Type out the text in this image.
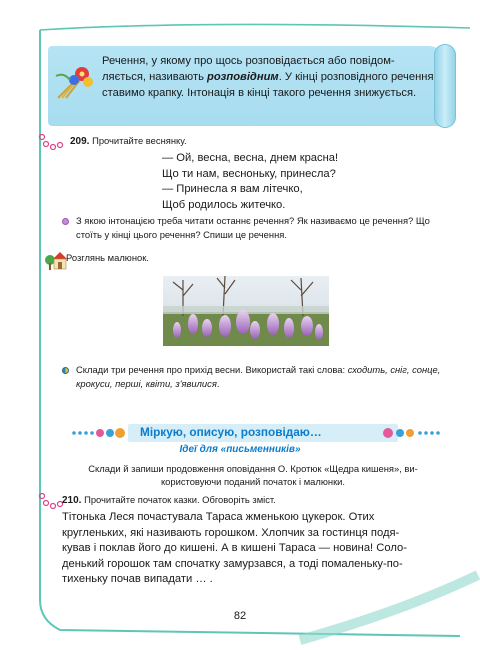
Речення, у якому про щось розповідається або повідомляється, називають розповідним. У кінці розповідного речення ставимо крапку. Інтонація в кінці такого речення знижується.
209. Прочитайте веснянку.
— Ой, весна, весна, днем красна!
Що ти нам, весноньку, принесла?
— Принесла я вам літечко,
Щоб родилось житечко.
З якою інтонацією треба читати останнє речення? Як називаємо це речення? Що стоїть у кінці цього речення? Спиши це речення.
Розглянь малюнок.
Склади три речення про прихід весни. Використай такі слова: сходить, сніг, сонце, крокуси, перші, квіти, з'явилися.
Міркую, описую, розповідаю…
Ідеї для «письменників»
Склади й запиши продовження оповідання О. Кротюк «Щедра кишеня», використовуючи поданий початок і малюнки.
210. Прочитайте початок казки. Обговоріть зміст.
Тітонька Леся почастувала Тараса жменькою цукерок. Отих
кругленьких, які називають горошком. Хлопчик за гостинця подя-
кував і поклав його до кишені. А в кишені Тараса — новина! Соло-
денький горошок там спочатку замурзався, а тоді помаленьку-по-
тихеньку почав випадати … .
82
